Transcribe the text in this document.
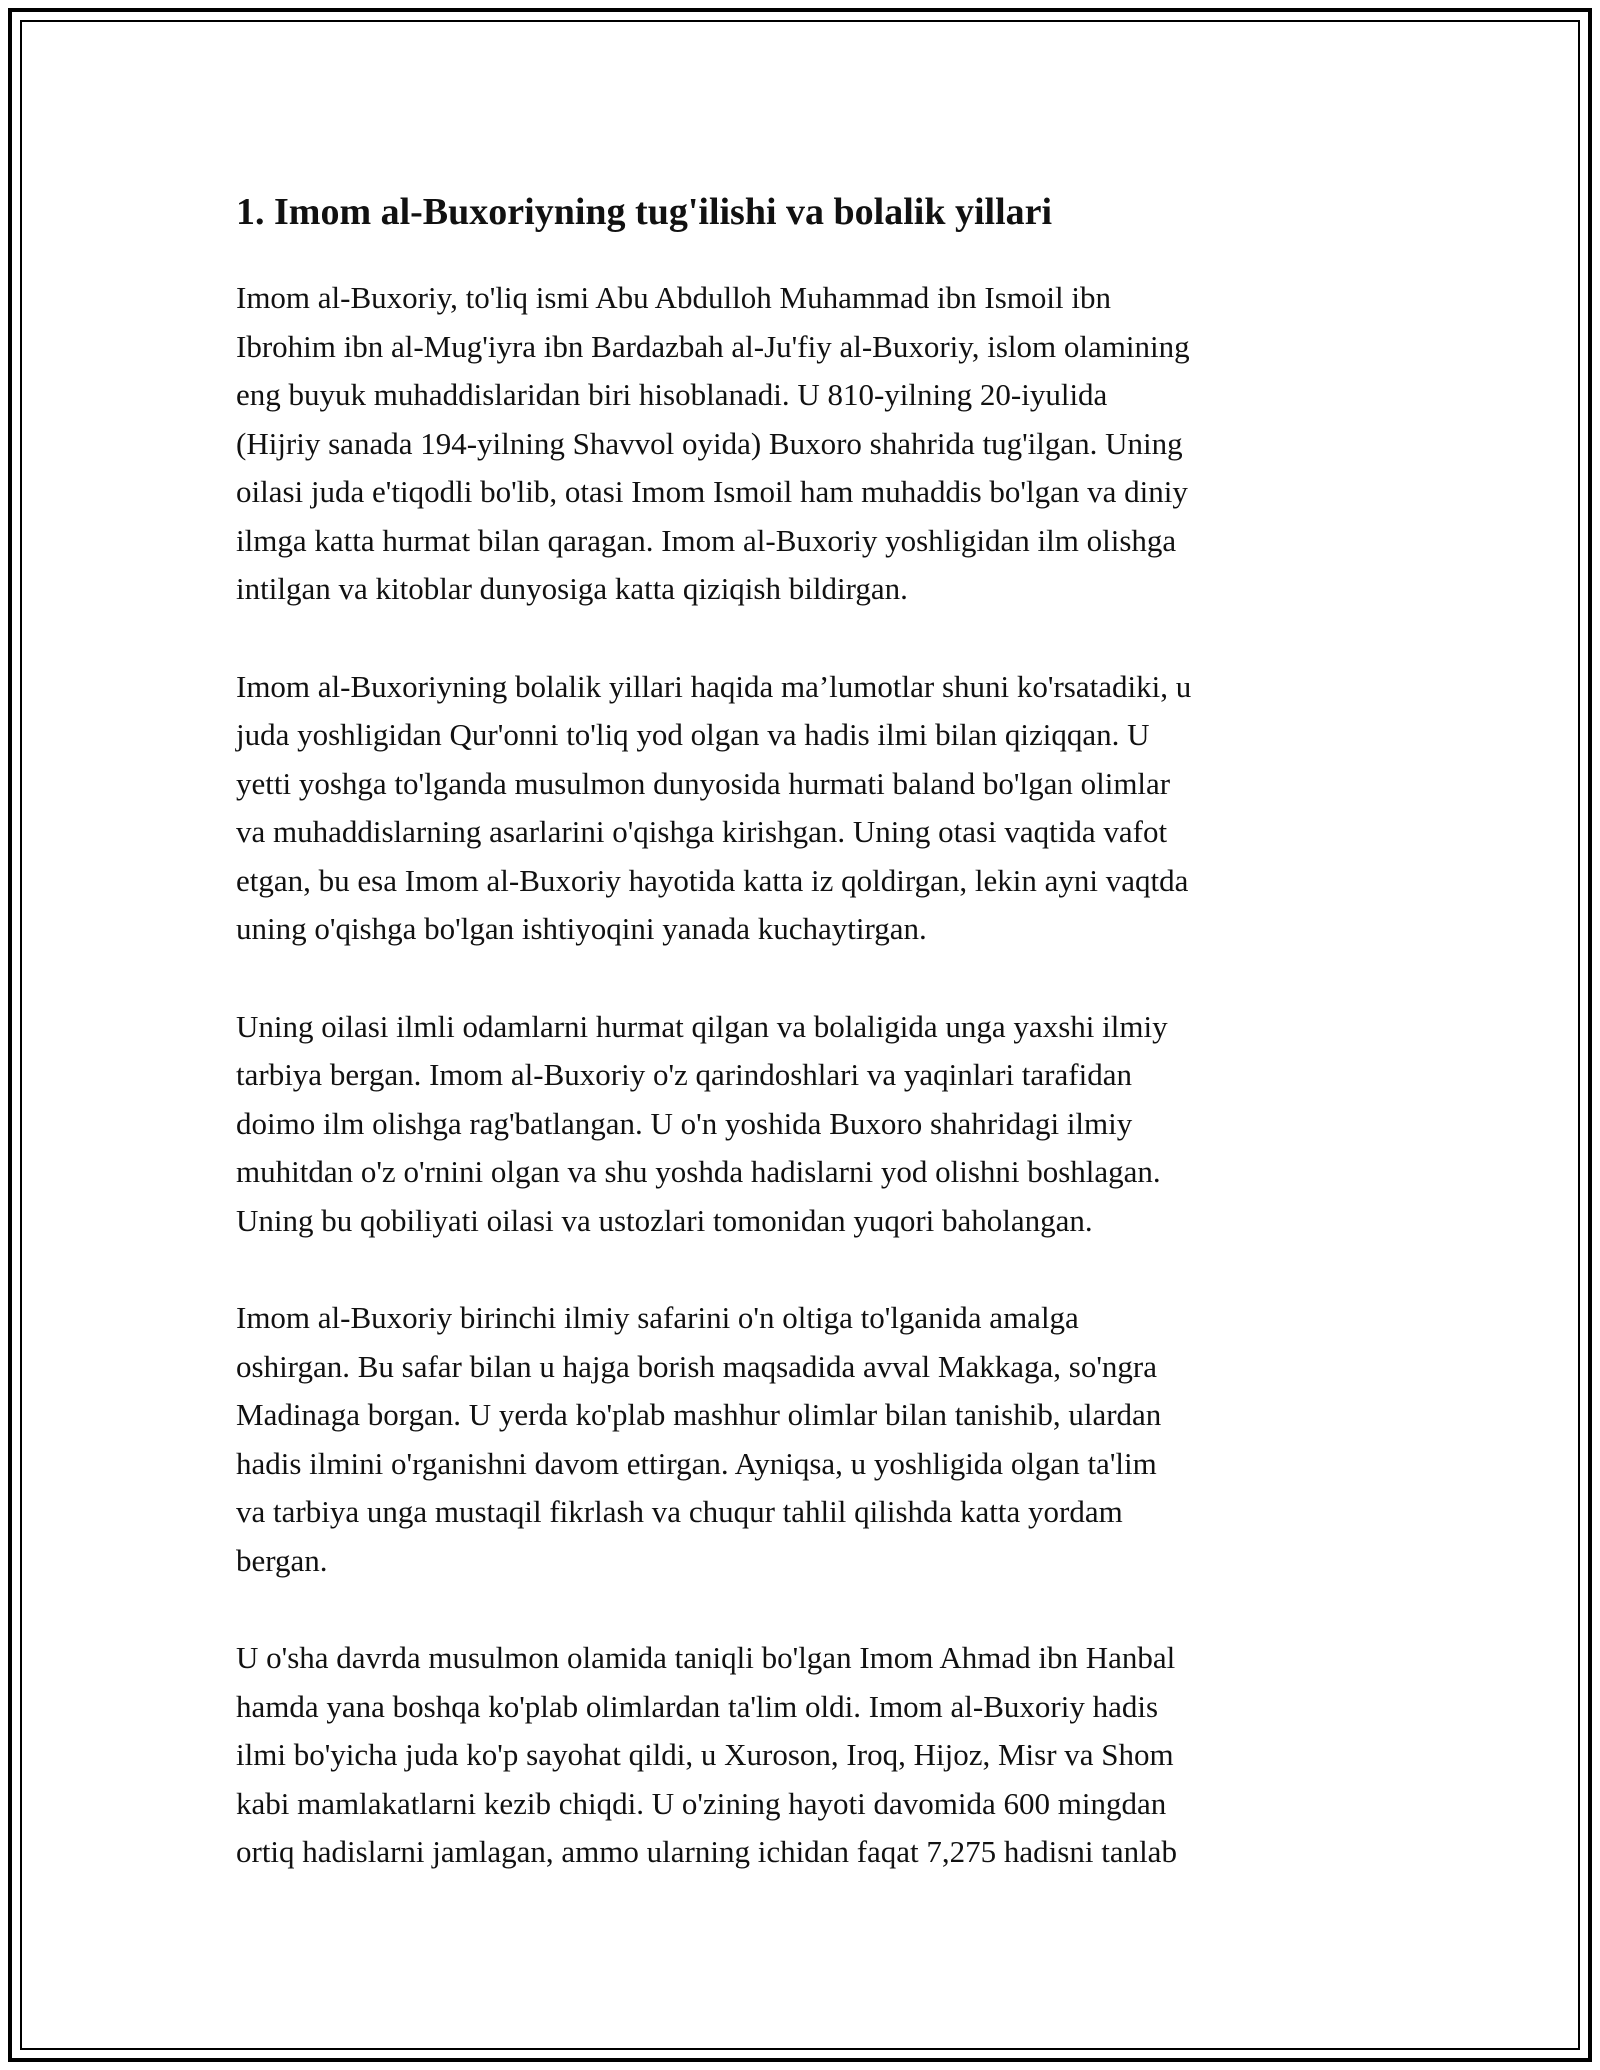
1. Imom al-Buxoriyning tug'ilishi va bolalik yillari

Imom al-Buxoriy, to'liq ismi Abu Abdulloh Muhammad ibn Ismoil ibn
Ibrohim ibn al-Mug'iyra ibn Bardazbah al-Ju'fiy al-Buxoriy, islom olamining
eng buyuk muhaddislaridan biri hisoblanadi. U 810-yilning 20-iyulida
(Hijriy sanada 194-yilning Shavvol oyida) Buxoro shahrida tug'ilgan. Uning
oilasi juda e'tiqodli bo'lib, otasi Imom Ismoil ham muhaddis bo'lgan va diniy
ilmga katta hurmat bilan qaragan. Imom al-Buxoriy yoshligidan ilm olishga
intilgan va kitoblar dunyosiga katta qiziqish bildirgan.

Imom al-Buxoriyning bolalik yillari haqida ma’lumotlar shuni ko'rsatadiki, u
juda yoshligidan Qur'onni to'liq yod olgan va hadis ilmi bilan qiziqqan. U
yetti yoshga to'lganda musulmon dunyosida hurmati baland bo'lgan olimlar
va muhaddislarning asarlarini o'qishga kirishgan. Uning otasi vaqtida vafot
etgan, bu esa Imom al-Buxoriy hayotida katta iz qoldirgan, lekin ayni vaqtda
uning o'qishga bo'lgan ishtiyoqini yanada kuchaytirgan.

Uning oilasi ilmli odamlarni hurmat qilgan va bolaligida unga yaxshi ilmiy
tarbiya bergan. Imom al-Buxoriy o'z qarindoshlari va yaqinlari tarafidan
doimo ilm olishga rag'batlangan. U o'n yoshida Buxoro shahridagi ilmiy
muhitdan o'z o'rnini olgan va shu yoshda hadislarni yod olishni boshlagan.
Uning bu qobiliyati oilasi va ustozlari tomonidan yuqori baholangan.

Imom al-Buxoriy birinchi ilmiy safarini o'n oltiga to'lganida amalga
oshirgan. Bu safar bilan u hajga borish maqsadida avval Makkaga, so'ngra
Madinaga borgan. U yerda ko'plab mashhur olimlar bilan tanishib, ulardan
hadis ilmini o'rganishni davom ettirgan. Ayniqsa, u yoshligida olgan ta'lim
va tarbiya unga mustaqil fikrlash va chuqur tahlil qilishda katta yordam
bergan.

U o'sha davrda musulmon olamida taniqli bo'lgan Imom Ahmad ibn Hanbal
hamda yana boshqa ko'plab olimlardan ta'lim oldi. Imom al-Buxoriy hadis
ilmi bo'yicha juda ko'p sayohat qildi, u Xuroson, Iroq, Hijoz, Misr va Shom
kabi mamlakatlarni kezib chiqdi. U o'zining hayoti davomida 600 mingdan
ortiq hadislarni jamlagan, ammo ularning ichidan faqat 7,275 hadisni tanlab
